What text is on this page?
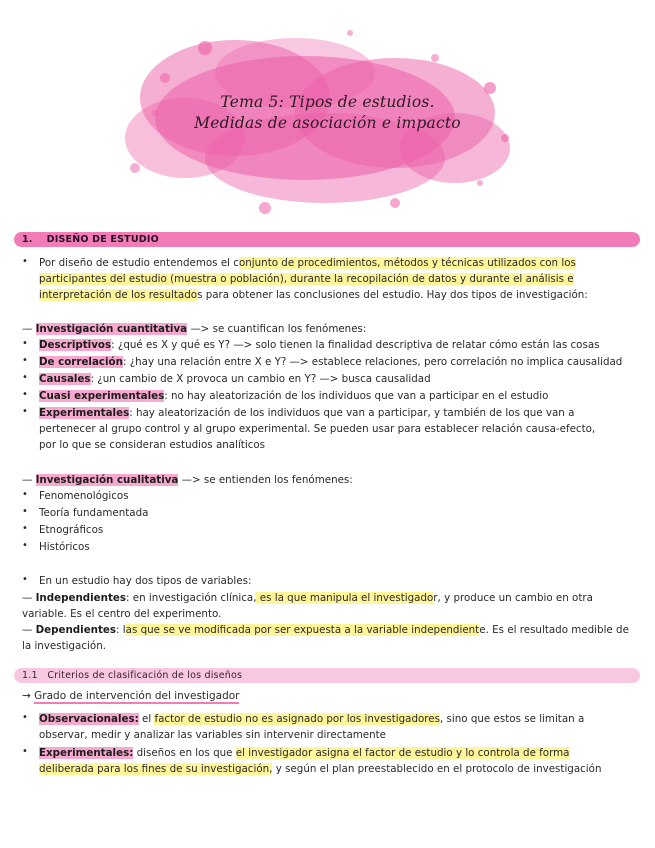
Tema 5: Tipos de estudios.
Medidas de asociación e impacto
1. DISEÑO DE ESTUDIO
• Por diseño de estudio entendemos el conjunto de procedimientos, métodos y técnicas utilizados con los
participantes del estudio (muestra o población), durante la recopilación de datos y durante el análisis e
interpretación de los resultados para obtener las conclusiones del estudio. Hay dos tipos de investigación:
— Investigación cuantitativa —> se cuantifican los fenómenes:
• Descriptivos: ¿qué es X y qué es Y? —> solo tienen la finalidad descriptiva de relatar cómo están las cosas
• De correlación: ¿hay una relación entre X e Y? —> establece relaciones, pero correlación no implica causalidad
• Causales: ¿un cambio de X provoca un cambio en Y? —> busca causalidad
• Cuasi experimentales: no hay aleatorización de los individuos que van a participar en el estudio
• Experimentales: hay aleatorización de los individuos que van a participar, y también de los que van a
pertenecer al grupo control y al grupo experimental. Se pueden usar para establecer relación causa-efecto,
por lo que se consideran estudios analíticos
— Investigación cualitativa —> se entienden los fenómenes:
• Fenomenológicos
• Teoría fundamentada
• Etnográficos
• Históricos
• En un estudio hay dos tipos de variables:
— Independientes: en investigación clínica, es la que manipula el investigador, y produce un cambio en otra
variable. Es el centro del experimento.
— Dependientes: las que se ve modificada por ser expuesta a la variable independiente. Es el resultado medible de
la investigación.
1.1 Criterios de clasificación de los diseños
→ Grado de intervención del investigador
• Observacionales: el factor de estudio no es asignado por los investigadores, sino que estos se limitan a
observar, medir y analizar las variables sin intervenir directamente
• Experimentales: diseños en los que el investigador asigna el factor de estudio y lo controla de forma
deliberada para los fines de su investigación, y según el plan preestablecido en el protocolo de investigación
